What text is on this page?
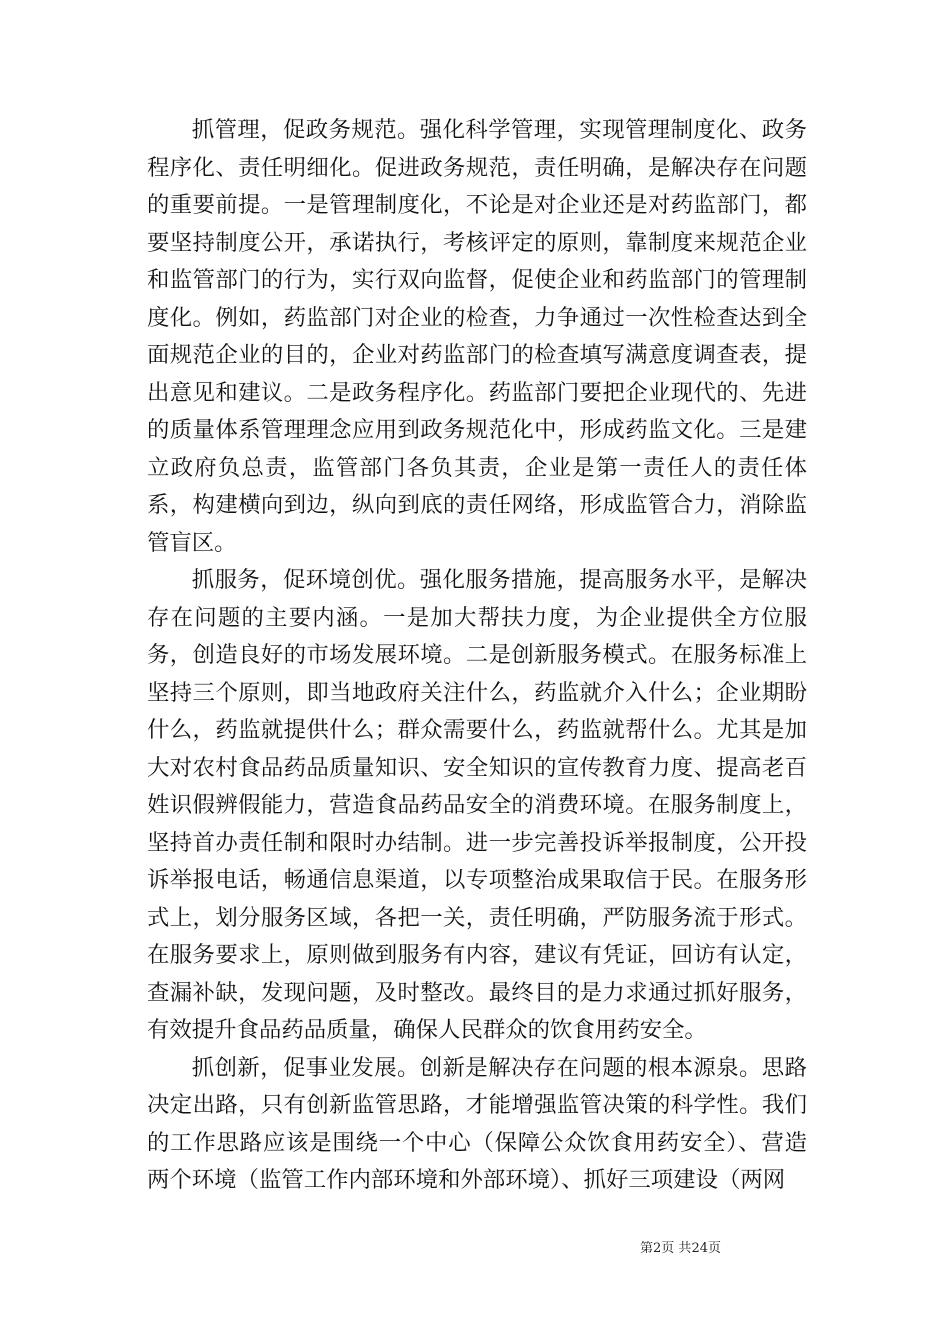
抓管理，促政务规范。强化科学管理，实现管理制度化、政务程序化、责任明细化。促进政务规范，责任明确，是解决存在问题的重要前提。一是管理制度化，不论是对企业还是对药监部门，都要坚持制度公开，承诺执行，考核评定的原则，靠制度来规范企业和监管部门的行为，实行双向监督，促使企业和药监部门的管理制度化。例如，药监部门对企业的检查，力争通过一次性检查达到全面规范企业的目的，企业对药监部门的检查填写满意度调查表，提出意见和建议。二是政务程序化。药监部门要把企业现代的、先进的质量体系管理理念应用到政务规范化中，形成药监文化。三是建立政府负总责，监管部门各负其责，企业是第一责任人的责任体系，构建横向到边，纵向到底的责任网络，形成监管合力，消除监管盲区。

抓服务，促环境创优。强化服务措施，提高服务水平，是解决存在问题的主要内涵。一是加大帮扶力度，为企业提供全方位服务，创造良好的市场发展环境。二是创新服务模式。在服务标准上坚持三个原则，即当地政府关注什么，药监就介入什么；企业期盼什么，药监就提供什么；群众需要什么，药监就帮什么。尤其是加大对农村食品药品质量知识、安全知识的宣传教育力度、提高老百姓识假辨假能力，营造食品药品安全的消费环境。在服务制度上，坚持首办责任制和限时办结制。进一步完善投诉举报制度，公开投诉举报电话，畅通信息渠道，以专项整治成果取信于民。在服务形式上，划分服务区域，各把一关，责任明确，严防服务流于形式。在服务要求上，原则做到服务有内容，建议有凭证，回访有认定，查漏补缺，发现问题，及时整改。最终目的是力求通过抓好服务，有效提升食品药品质量，确保人民群众的饮食用药安全。

抓创新，促事业发展。创新是解决存在问题的根本源泉。思路决定出路，只有创新监管思路，才能增强监管决策的科学性。我们的工作思路应该是围绕一个中心（保障公众饮食用药安全）、营造两个环境（监管工作内部环境和外部环境）、抓好三项建设（两网

第2页 共24页
